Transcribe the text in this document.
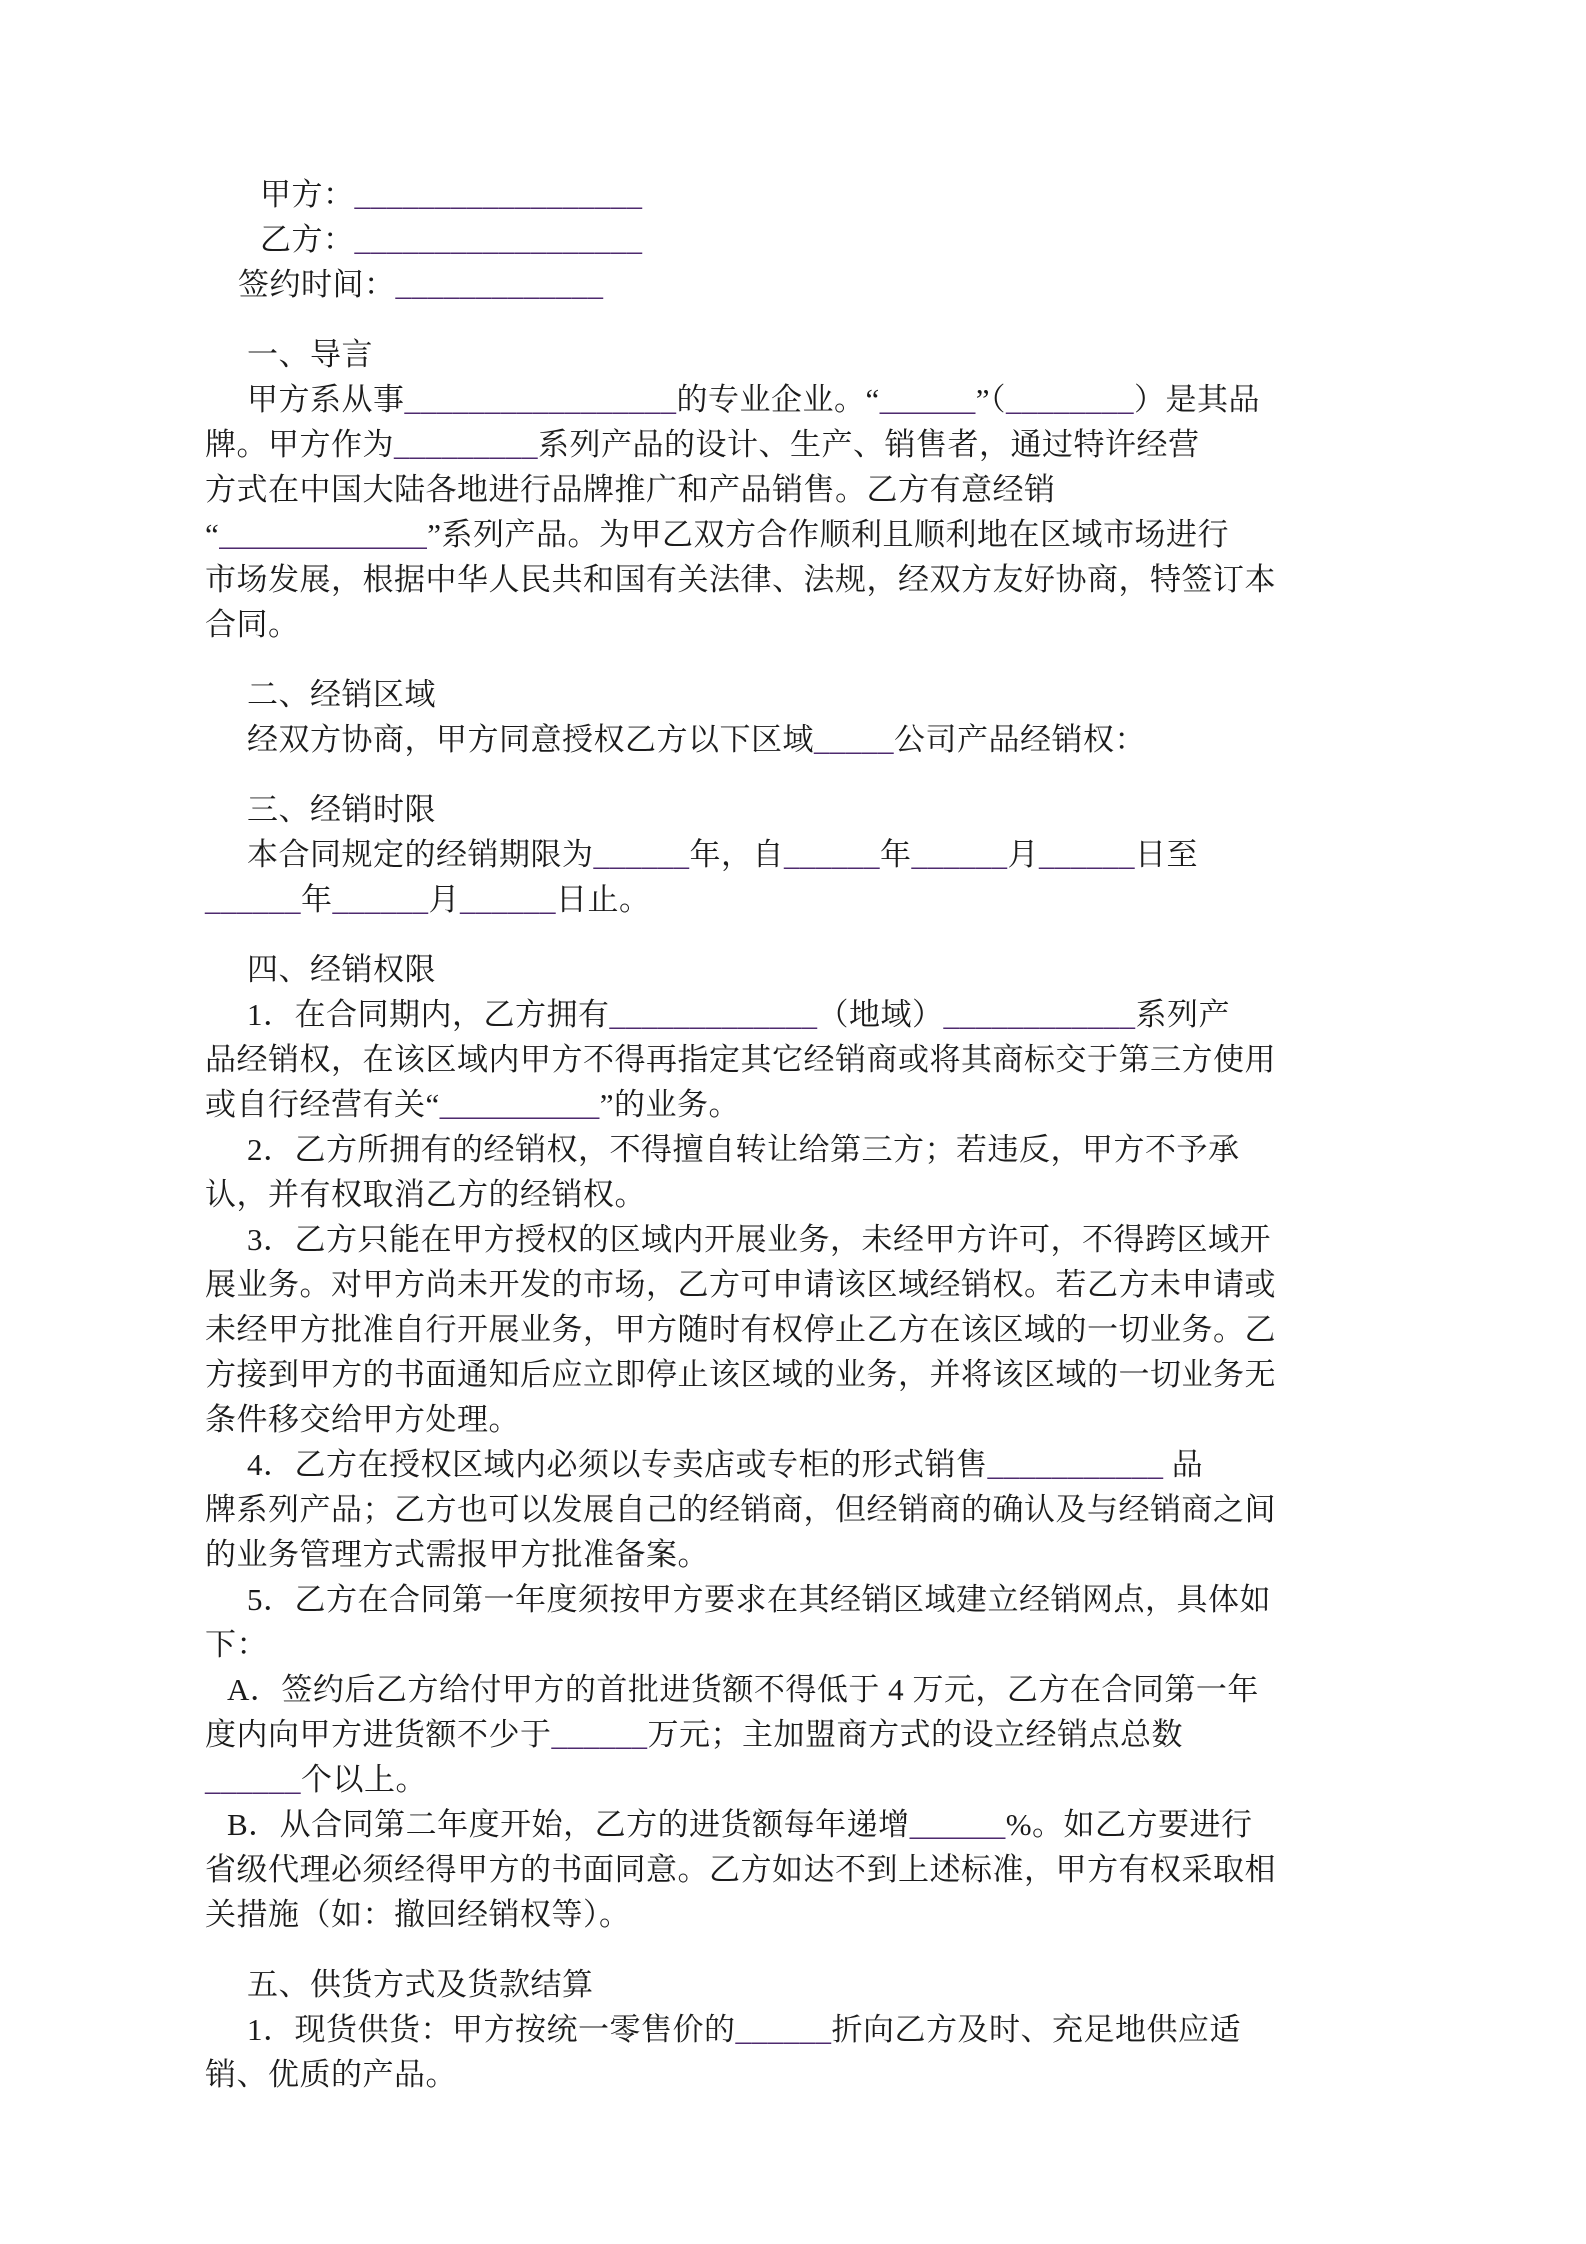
甲方：__________________
乙方：__________________
签约时间：_____________
一、导言
甲方系从事_________________的专业企业。“______”（________）是其品
牌。甲方作为_________系列产品的设计、生产、销售者，通过特许经营
方式在中国大陆各地进行品牌推广和产品销售。乙方有意经销
“_____________”系列产品。为甲乙双方合作顺利且顺利地在区域市场进行
市场发展，根据中华人民共和国有关法律、法规，经双方友好协商，特签订本
合同。
二、经销区域
经双方协商，甲方同意授权乙方以下区域_____公司产品经销权：
三、经销时限
本合同规定的经销期限为______年，自______年______月______日至
______年______月______日止。
四、经销权限
1．在合同期内，乙方拥有_____________（地域）____________系列产
品经销权，在该区域内甲方不得再指定其它经销商或将其商标交于第三方使用
或自行经营有关“__________”的业务。
2．乙方所拥有的经销权，不得擅自转让给第三方；若违反，甲方不予承
认，并有权取消乙方的经销权。
3．乙方只能在甲方授权的区域内开展业务，未经甲方许可，不得跨区域开
展业务。对甲方尚未开发的市场，乙方可申请该区域经销权。若乙方未申请或
未经甲方批准自行开展业务，甲方随时有权停止乙方在该区域的一切业务。乙
方接到甲方的书面通知后应立即停止该区域的业务，并将该区域的一切业务无
条件移交给甲方处理。
4．乙方在授权区域内必须以专卖店或专柜的形式销售___________ 品
牌系列产品；乙方也可以发展自己的经销商，但经销商的确认及与经销商之间
的业务管理方式需报甲方批准备案。
5．乙方在合同第一年度须按甲方要求在其经销区域建立经销网点，具体如
下：
A．签约后乙方给付甲方的首批进货额不得低于 4 万元，乙方在合同第一年
度内向甲方进货额不少于______万元；主加盟商方式的设立经销点总数
______个以上。
B．从合同第二年度开始，乙方的进货额每年递增______%。如乙方要进行
省级代理必须经得甲方的书面同意。乙方如达不到上述标准，甲方有权采取相
关措施（如：撤回经销权等）。
五、供货方式及货款结算
1．现货供货：甲方按统一零售价的______折向乙方及时、充足地供应适
销、优质的产品。
